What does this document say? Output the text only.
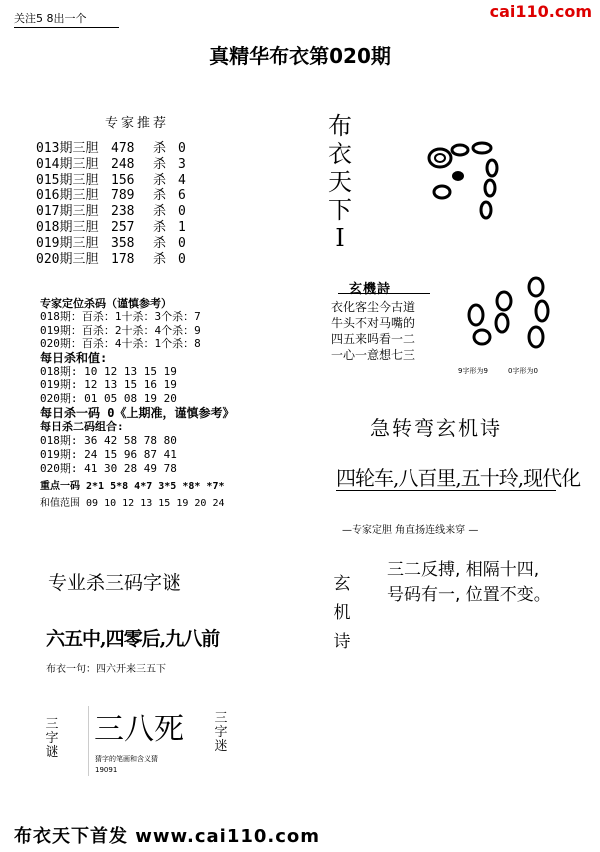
关注5 8出一个	cai110.com
真精华布衣第020期
专家推荐
013期三胆 478 杀 0
014期三胆 248 杀 3
015期三胆 156 杀 4
016期三胆 789 杀 6
017期三胆 238 杀 0
018期三胆 257 杀 1
019期三胆 358 杀 0
020期三胆 178 杀 0
专家定位杀码（谨慎参考）
018期：百杀：1十杀：3个杀：7
019期：百杀：2十杀：4个杀：9
020期：百杀：4十杀：1个杀：8
每日杀和值:
018期: 10 12 13 15 19
019期: 12 13 15 16 19
020期: 01 05 08 19 20
每日杀一码 0《上期准，谨慎参考》
每日杀二码组合:
018期: 36 42 58 78 80
019期: 24 15 96 87 41
020期: 41 30 28 49 78
重点一码 2*1 5*8 4*7 3*5 *8* *7*
和值范围 09 10 12 13 15 19 20 24
专业杀三码字谜
六五中,四零后,九八前
布衣一句：四六开来三五下
三字谜
三八死
猜字的笔画和含义猜
19091
三字迷
布衣天下I
玄機詩
衣化客尘今古道
牛头不对马嘴的
四五来吗看一二
一心一意想七三
9字形为9	0字形为0
急转弯玄机诗
四轮车,八百里,五十玲,现代化
—专家定胆 角直扬连线来穿 —
玄机诗
三二反搏, 相隔十四,
号码有一, 位置不变。
布衣天下首发 www.cai110.com
